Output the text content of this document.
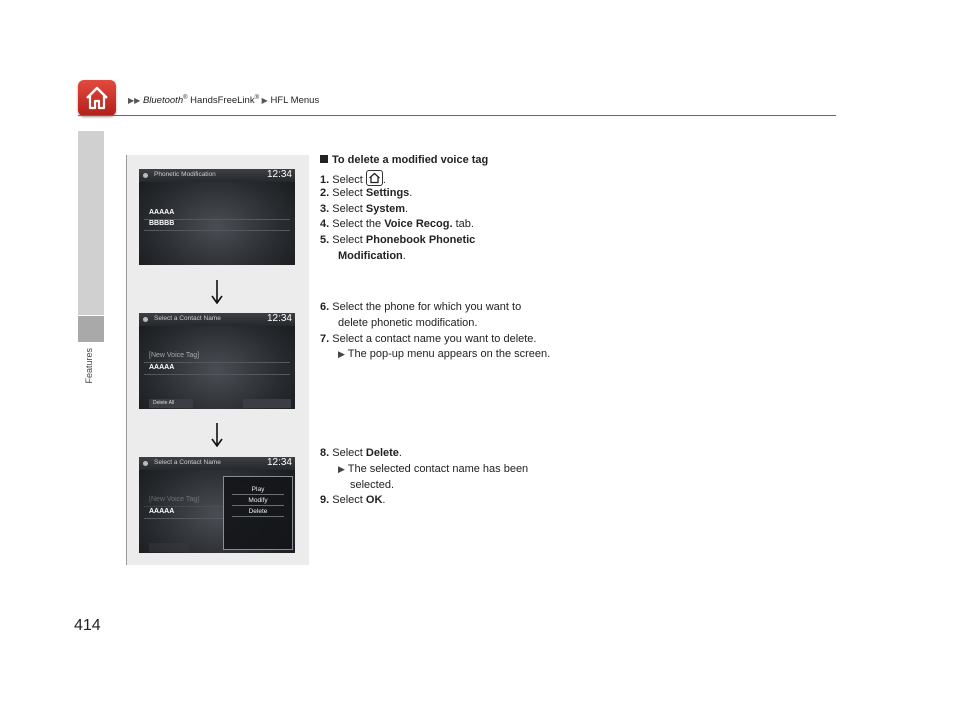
▶▶ Bluetooth® HandsFreeLink® ▶ HFL Menus
Features
Phonetic Modification	12:34
AAAAA
BBBBB
Select a Contact Name	12:34
[New Voice Tag]
AAAAA
Delete All
Select a Contact Name	12:34
[New Voice Tag]
AAAAA
Play
Modify
Delete
To delete a modified voice tag
1. Select .
2. Select Settings.
3. Select System.
4. Select the Voice Recog. tab.
5. Select Phonebook Phonetic
Modification.
6. Select the phone for which you want to
delete phonetic modification.
7. Select a contact name you want to delete.
▶ The pop-up menu appears on the screen.
8. Select Delete.
▶ The selected contact name has been
selected.
9. Select OK.
414
